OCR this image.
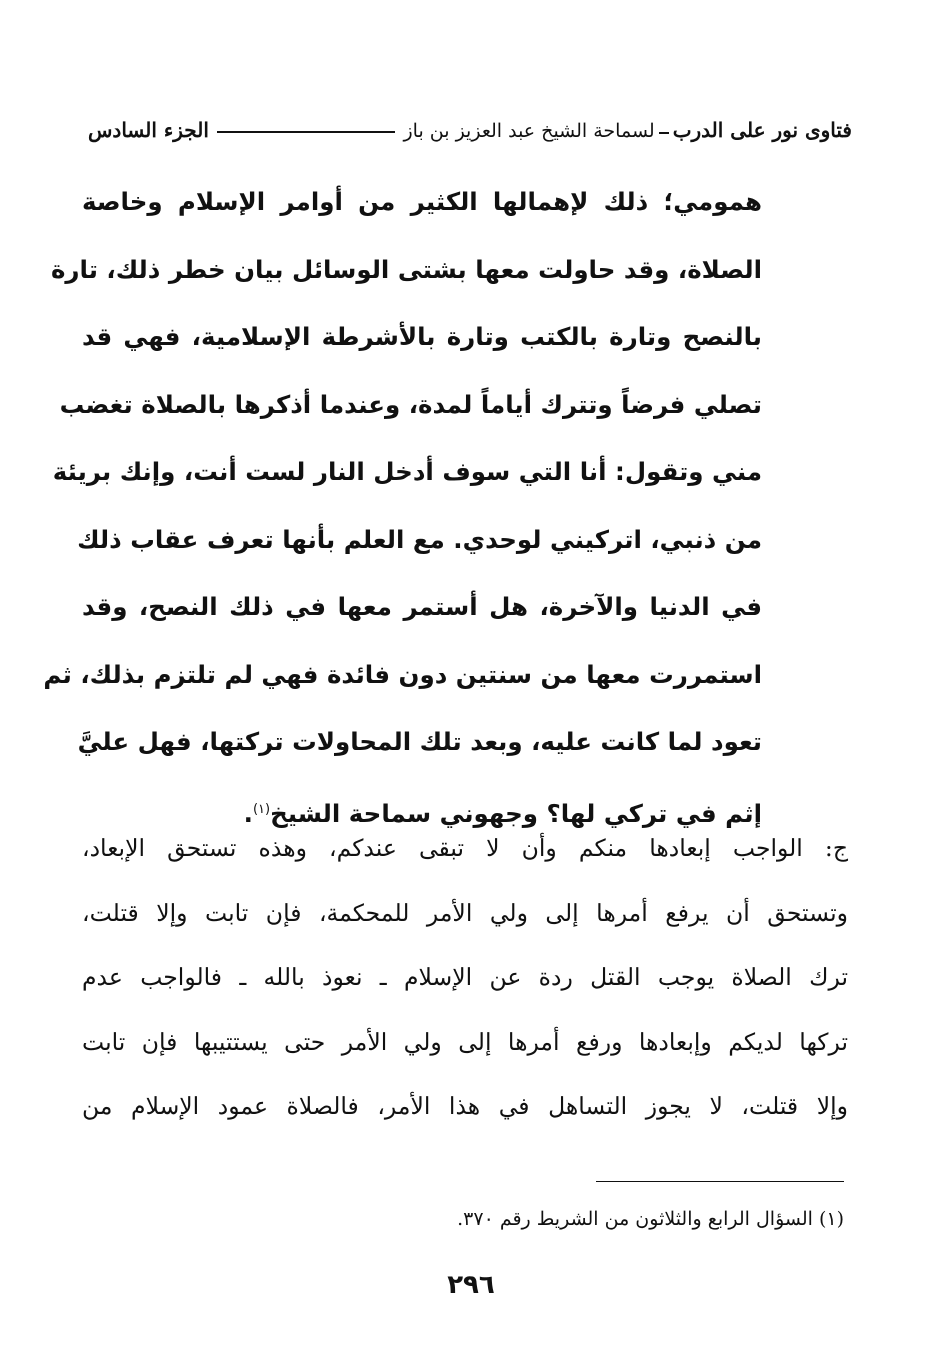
فتاوى نور على الدربلسماحة الشيخ عبد العزيز بن باز
الجزء السادس
همومي؛ ذلك لإهمالها الكثير من أوامر الإسلام وخاصة
الصلاة، وقد حاولت معها بشتى الوسائل بيان خطر ذلك، تارة
بالنصح وتارة بالكتب وتارة بالأشرطة الإسلامية، فهي قد
تصلي فرضاً وتترك أياماً لمدة، وعندما أذكرها بالصلاة تغضب
مني وتقول: أنا التي سوف أدخل النار لست أنت، وإنك بريئة
من ذنبي، اتركيني لوحدي. مع العلم بأنها تعرف عقاب ذلك
في الدنيا والآخرة، هل أستمر معها في ذلك النصح، وقد
استمررت معها من سنتين دون فائدة فهي لم تلتزم بذلك، ثم
تعود لما كانت عليه، وبعد تلك المحاولات تركتها، فهل عليَّ
إثم في تركي لها؟ وجهوني سماحة الشيخ$^{(١)}$.
ج: الواجب إبعادها منكم وأن لا تبقى عندكم، وهذه تستحق الإبعاد،
وتستحق أن يرفع أمرها إلى ولي الأمر للمحكمة، فإن تابت وإلا قتلت،
ترك الصلاة يوجب القتل ردة عن الإسلام ـ نعوذ بالله ـ فالواجب عدم
تركها لديكم وإبعادها ورفع أمرها إلى ولي الأمر حتى يستتيبها فإن تابت
وإلا قتلت، لا يجوز التساهل في هذا الأمر، فالصلاة عمود الإسلام من
(١) السؤال الرابع والثلاثون من الشريط رقم ٣٧٠.
٢٩٦
